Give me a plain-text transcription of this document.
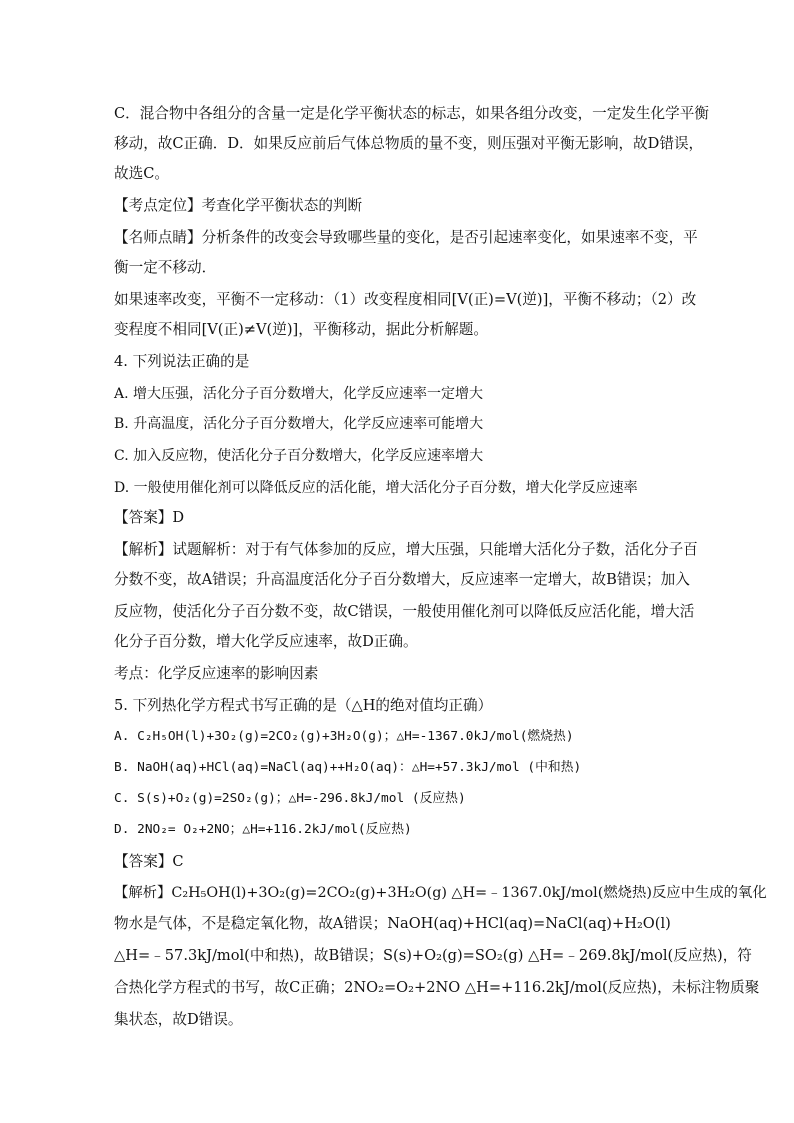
C．混合物中各组分的含量一定是化学平衡状态的标志，如果各组分改变，一定发生化学平衡
移动，故C正确．D．如果反应前后气体总物质的量不变，则压强对平衡无影响，故D错误，
故选C。
【考点定位】考查化学平衡状态的判断
【名师点睛】分析条件的改变会导致哪些量的变化，是否引起速率变化，如果速率不变，平
衡一定不移动．
如果速率改变，平衡不一定移动：（1）改变程度相同[V(正)=V(逆)]，平衡不移动；（2）改
变程度不相同[V(正)≠V(逆)]，平衡移动，据此分析解题。
4. 下列说法正确的是
A. 增大压强，活化分子百分数增大，化学反应速率一定增大
B. 升高温度，活化分子百分数增大，化学反应速率可能增大
C. 加入反应物，使活化分子百分数增大，化学反应速率增大
D. 一般使用催化剂可以降低反应的活化能，增大活化分子百分数，增大化学反应速率
【答案】D
【解析】试题解析：对于有气体参加的反应，增大压强，只能增大活化分子数，活化分子百
分数不变，故A错误；升高温度活化分子百分数增大，反应速率一定增大，故B错误；加入
反应物，使活化分子百分数不变，故C错误，一般使用催化剂可以降低反应活化能，增大活
化分子百分数，增大化学反应速率，故D正确。
考点：化学反应速率的影响因素
5. 下列热化学方程式书写正确的是（△H的绝对值均正确）
A. C₂H₅OH(l)+3O₂(g)=2CO₂(g)+3H₂O(g)；△H=-1367.0kJ/mol(燃烧热)
B. NaOH(aq)+HCl(aq)=NaCl(aq)++H₂O(aq)：△H=+57.3kJ/mol (中和热)
C. S(s)+O₂(g)=2SO₂(g)；△H=-296.8kJ/mol (反应热)
D. 2NO₂= O₂+2NO；△H=+116.2kJ/mol(反应热)
【答案】C
【解析】C₂H₅OH(l)+3O₂(g)=2CO₂(g)+3H₂O(g) △H=﹣1367.0kJ/mol(燃烧热)反应中生成的氧化
物水是气体，不是稳定氧化物，故A错误；NaOH(aq)+HCl(aq)=NaCl(aq)+H₂O(l)
△H=﹣57.3kJ/mol(中和热)，故B错误；S(s)+O₂(g)=SO₂(g) △H=﹣269.8kJ/mol(反应热)，符
合热化学方程式的书写，故C正确；2NO₂=O₂+2NO △H=+116.2kJ/mol(反应热)，未标注物质聚
集状态，故D错误。
